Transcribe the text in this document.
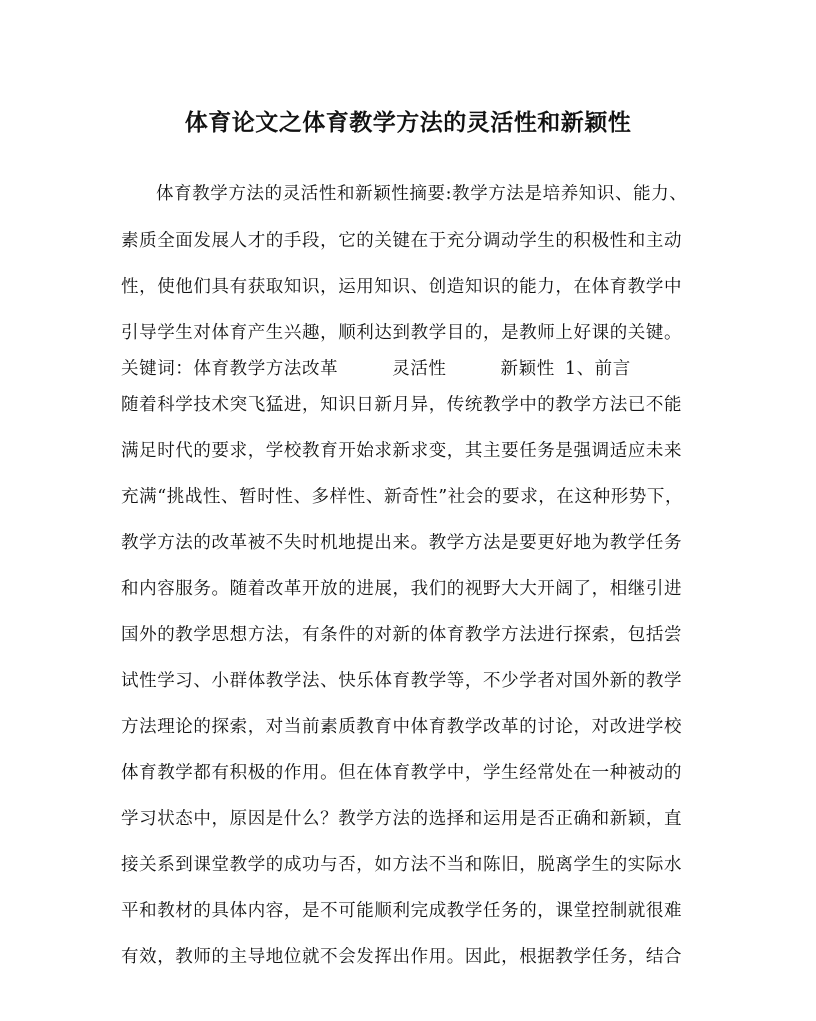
体育论文之体育教学方法的灵活性和新颖性
体育教学方法的灵活性和新颖性摘要:教学方法是培养知识、能力、
素质全面发展人才的手段，它的关键在于充分调动学生的积极性和主动
性，使他们具有获取知识，运用知识、创造知识的能力，在体育教学中
引导学生对体育产生兴趣，顺利达到教学目的，是教师上好课的关键。
关键词：体育教学方法改革	灵活性	新颖性 1、前言
随着科学技术突飞猛进，知识日新月异，传统教学中的教学方法已不能
满足时代的要求，学校教育开始求新求变，其主要任务是强调适应未来
充满“挑战性、暂时性、多样性、新奇性”社会的要求，在这种形势下，
教学方法的改革被不失时机地提出来。教学方法是要更好地为教学任务
和内容服务。随着改革开放的进展，我们的视野大大开阔了，相继引进
国外的教学思想方法，有条件的对新的体育教学方法进行探索，包括尝
试性学习、小群体教学法、快乐体育教学等，不少学者对国外新的教学
方法理论的探索，对当前素质教育中体育教学改革的讨论，对改进学校
体育教学都有积极的作用。但在体育教学中，学生经常处在一种被动的
学习状态中，原因是什么？教学方法的选择和运用是否正确和新颖，直
接关系到课堂教学的成功与否，如方法不当和陈旧，脱离学生的实际水
平和教材的具体内容，是不可能顺利完成教学任务的，课堂控制就很难
有效，教师的主导地位就不会发挥出作用。因此，根据教学任务，结合
